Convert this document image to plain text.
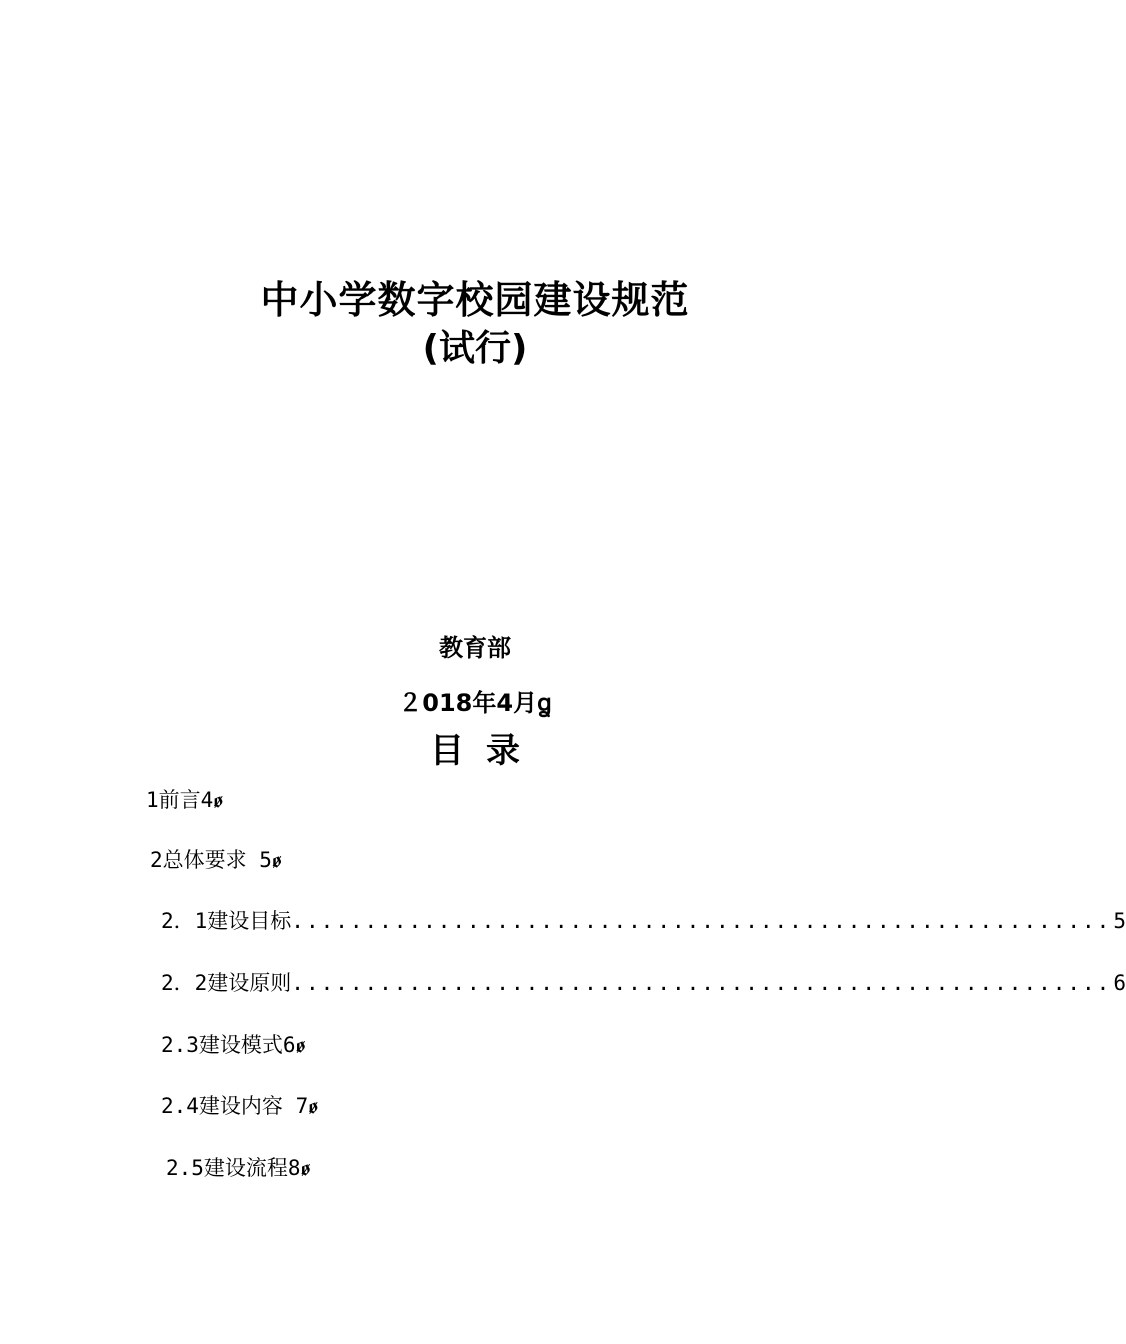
中小学数字校园建设规范
(试行)
教育部
２018年4月ꬶ
目录
1前言4ꬾ
2总体要求 5ꬾ
2．1建设目标 ........................................................ 5
2．2建设原则 ........................................................ 6
2.3建设模式6ꬾ
2.4建设内容 7ꬾ
2.5建设流程8ꬾ
